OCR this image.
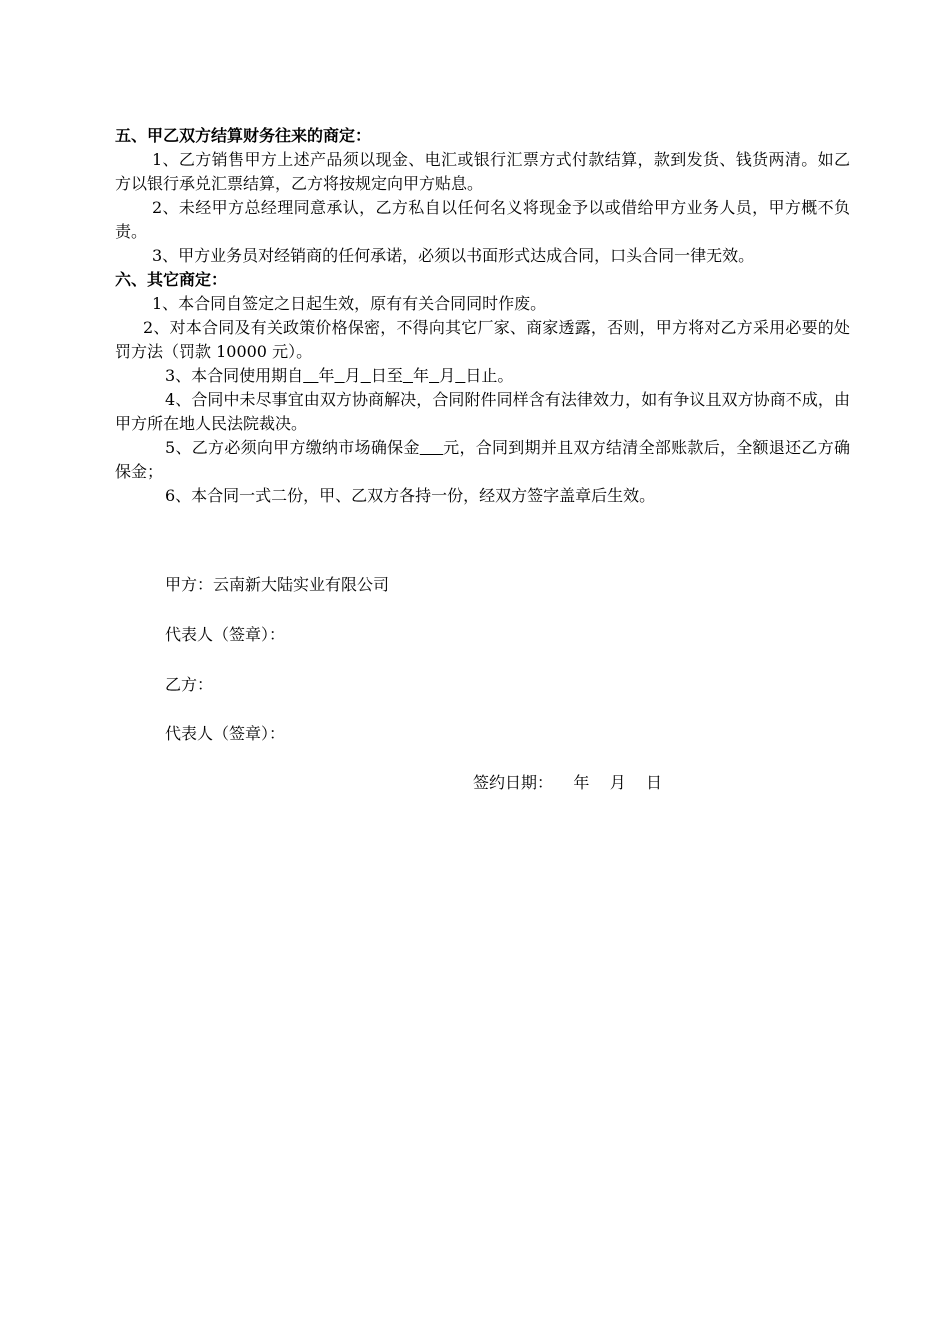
五、甲乙双方结算财务往来的商定：
1、乙方销售甲方上述产品须以现金、电汇或银行汇票方式付款结算，款到发货、钱货两清。如乙方以银行承兑汇票结算，乙方将按规定向甲方贴息。
2、未经甲方总经理同意承认，乙方私自以任何名义将现金予以或借给甲方业务人员，甲方概不负责。
3、甲方业务员对经销商的任何承诺，必须以书面形式达成合同，口头合同一律无效。
六、其它商定：
1、本合同自签定之日起生效，原有有关合同同时作废。
2、对本合同及有关政策价格保密，不得向其它厂家、商家透露，否则，甲方将对乙方采用必要的处罚方法（罚款 10000 元）。
3、本合同使用期自 年 月 日至 年 月 日止。
4、合同中未尽事宜由双方协商解决，合同附件同样含有法律效力，如有争议且双方协商不成，由甲方所在地人民法院裁决。
5、乙方必须向甲方缴纳市场确保金 元，合同到期并且双方结清全部账款后，全额退还乙方确保金；
6、本合同一式二份，甲、乙双方各持一份，经双方签字盖章后生效。
甲方：云南新大陆实业有限公司
代表人（签章）：
乙方：
代表人（签章）：
签约日期：    年    月    日
